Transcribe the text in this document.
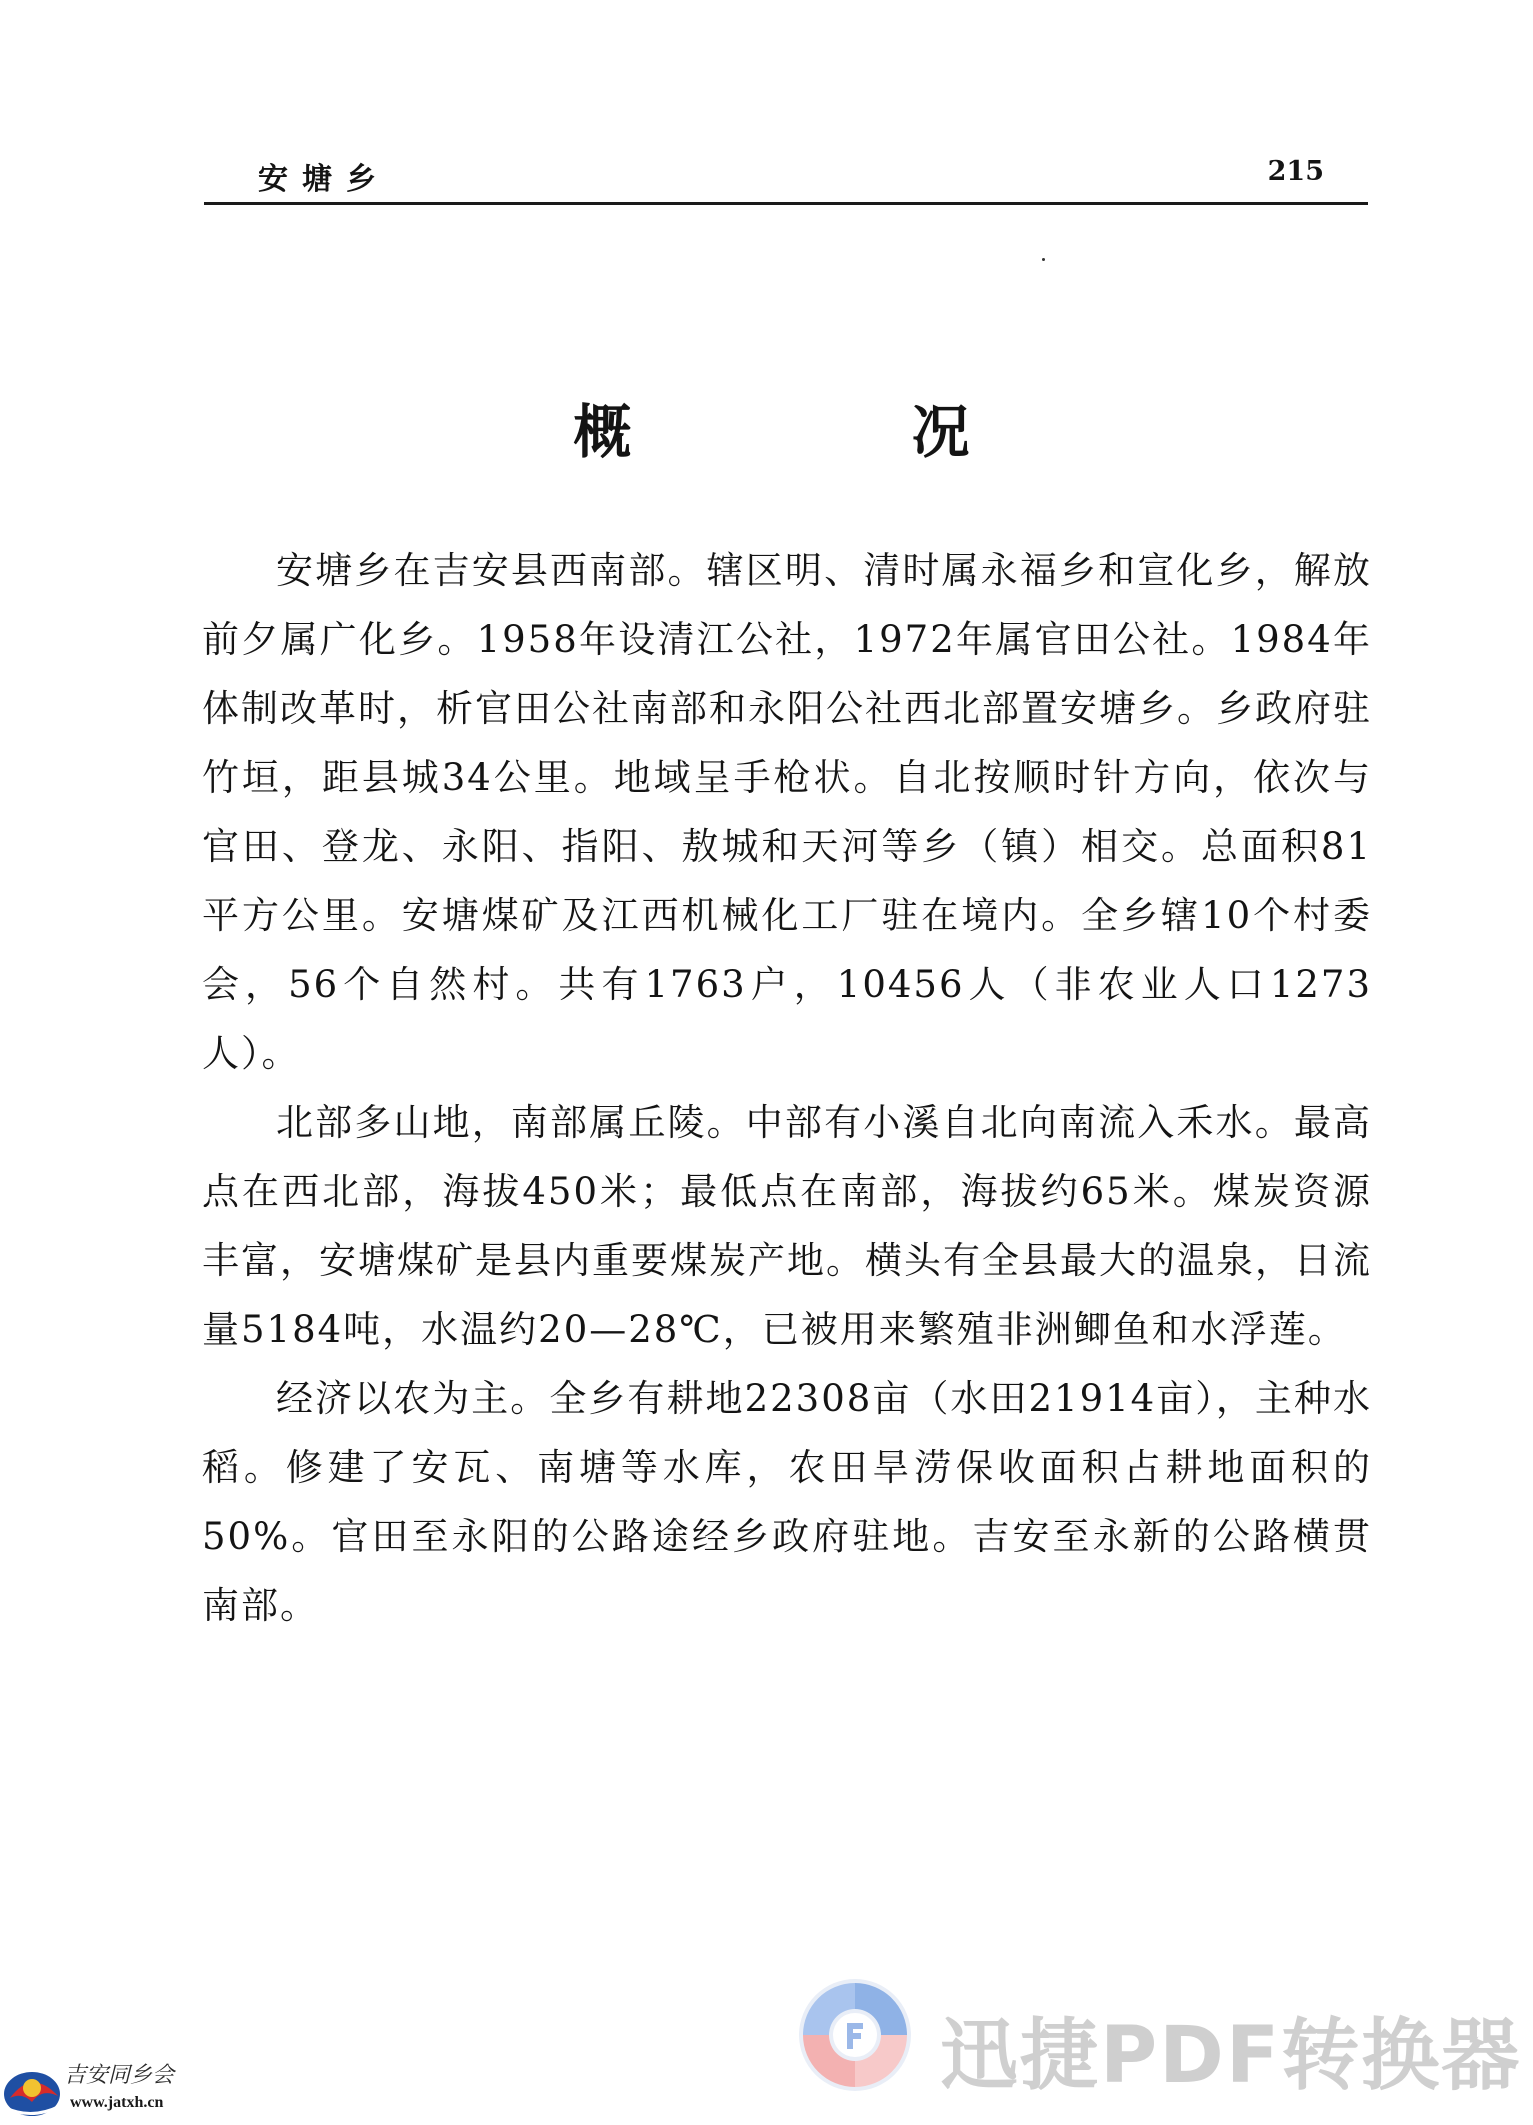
安塘乡	215
概 况

安塘乡在吉安县西南部。辖区明、清时属永福乡和宣化乡，解放前夕属广化乡。1958年设清江公社，1972年属官田公社。1984年体制改革时，析官田公社南部和永阳公社西北部置安塘乡。乡政府驻竹垣，距县城34公里。地域呈手枪状。自北按顺时针方向，依次与官田、登龙、永阳、指阳、敖城和天河等乡（镇）相交。总面积81平方公里。安塘煤矿及江西机械化工厂驻在境内。全乡辖10个村委会，56个自然村。共有1763户，10456人（非农业人口1273人）。

北部多山地，南部属丘陵。中部有小溪自北向南流入禾水。最高点在西北部，海拔450米；最低点在南部，海拔约65米。煤炭资源丰富，安塘煤矿是县内重要煤炭产地。横头有全县最大的温泉，日流量5184吨，水温约20—28℃，已被用来繁殖非洲鲫鱼和水浮莲。

经济以农为主。全乡有耕地22308亩（水田21914亩），主种水稻。修建了安瓦、南塘等水库，农田旱涝保收面积占耕地面积的50%。官田至永阳的公路途经乡政府驻地。吉安至永新的公路横贯南部。

迅捷PDF转换器
吉安同乡会
www.jatxh.cn
